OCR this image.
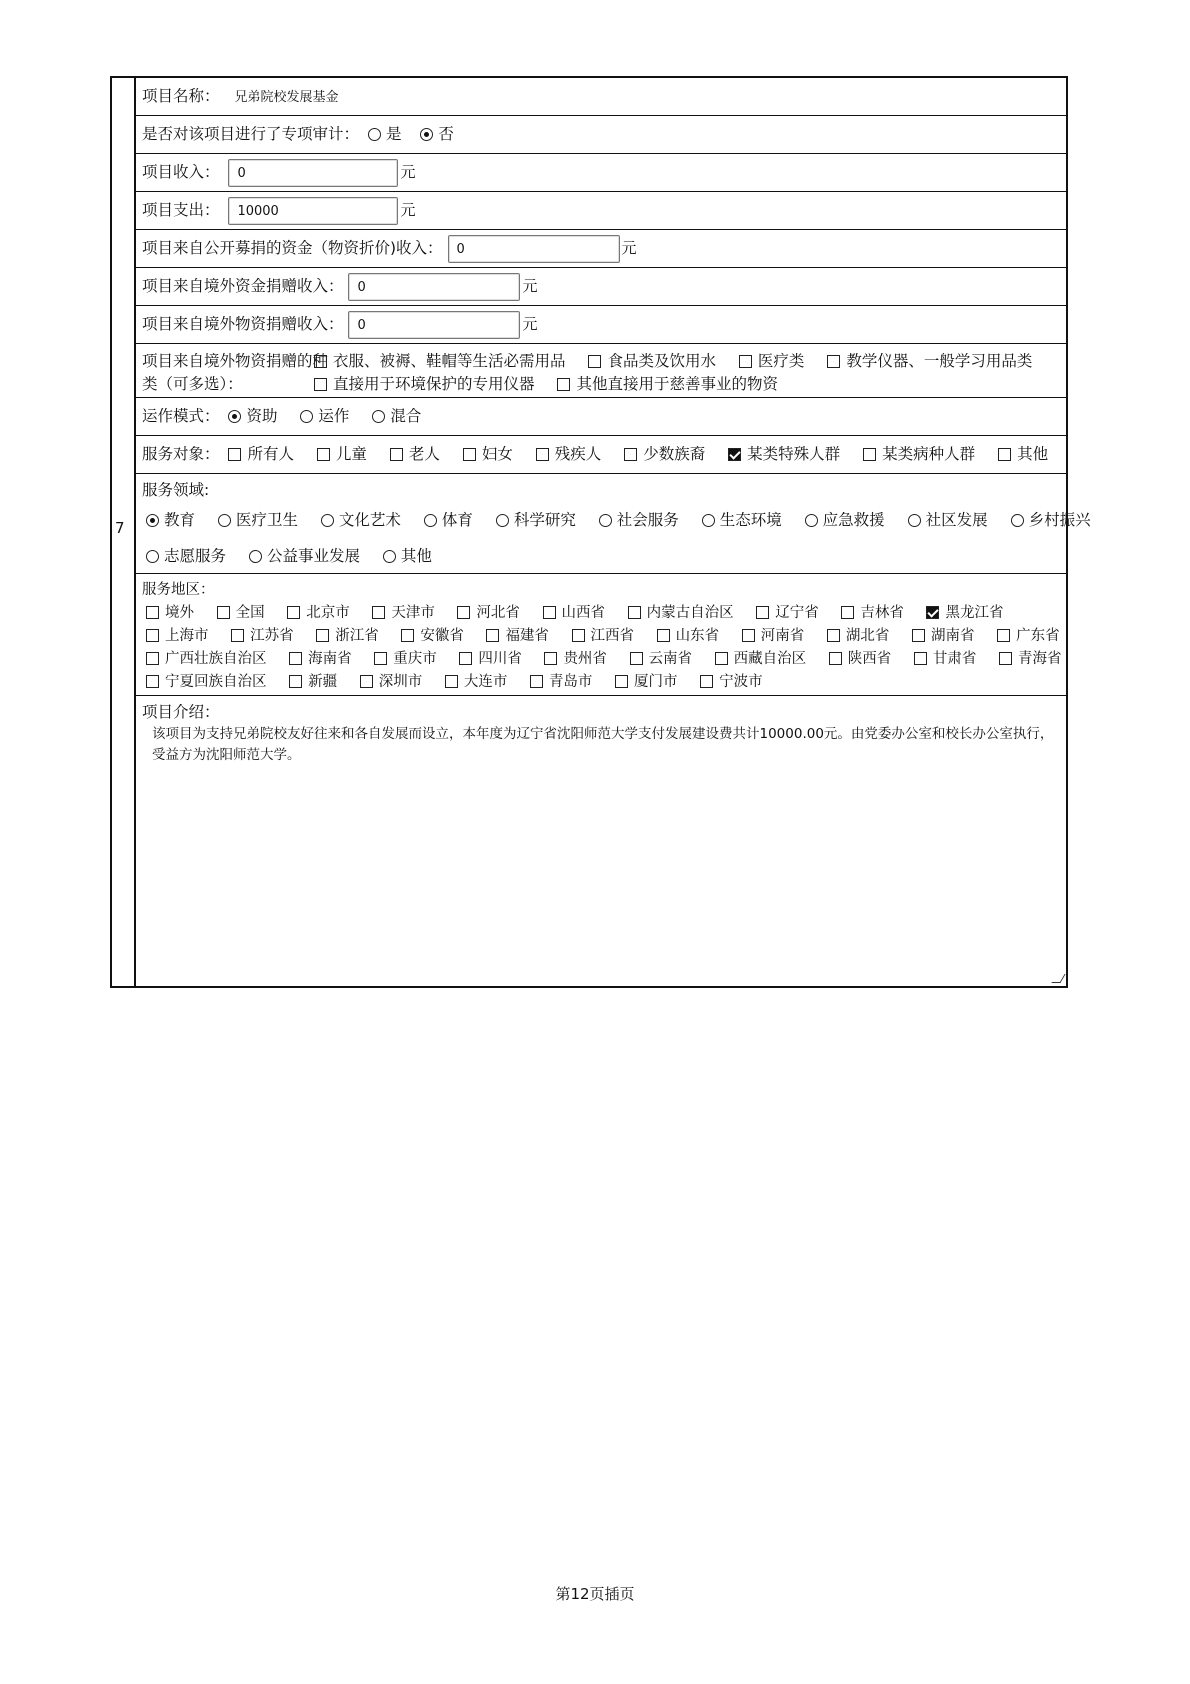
7
项目名称： 兄弟院校发展基金
是否对该项目进行了专项审计： 是 否
项目收入： 0	元
项目支出： 10000	元
项目来自公开募捐的资金（物资折价)收入： 0	元
项目来自境外资金捐赠收入： 0	元
项目来自境外物资捐赠收入： 0	元
项目来自境外物资捐赠的种
类（可多选）：
衣服、被褥、鞋帽等生活必需用品	食品类及饮用水	医疗类	教学仪器、一般学习用品类
直接用于环境保护的专用仪器	其他直接用于慈善事业的物资
运作模式： 资助	运作	混合
服务对象： 所有人	儿童	老人	妇女	残疾人	少数族裔	某类特殊人群	某类病种人群	其他
服务领域:
教育	医疗卫生	文化艺术	体育	科学研究	社会服务	生态环境	应急救援	社区发展	乡村振兴
志愿服务	公益事业发展	其他
服务地区：
境外	全国	北京市	天津市	河北省	山西省	内蒙古自治区	辽宁省	吉林省	黑龙江省
上海市	江苏省	浙江省	安徽省	福建省	江西省	山东省	河南省	湖北省	湖南省	广东省
广西壮族自治区	海南省	重庆市	四川省	贵州省	云南省	西藏自治区	陕西省	甘肃省	青海省
宁夏回族自治区	新疆	深圳市	大连市	青岛市	厦门市	宁波市
项目介绍：
该项目为支持兄弟院校友好往来和各自发展而设立，本年度为辽宁省沈阳师范大学支付发展建设费共计10000.00元。由党委办公室和校长办公室执行，受益方为沈阳师范大学。
第12页插页
